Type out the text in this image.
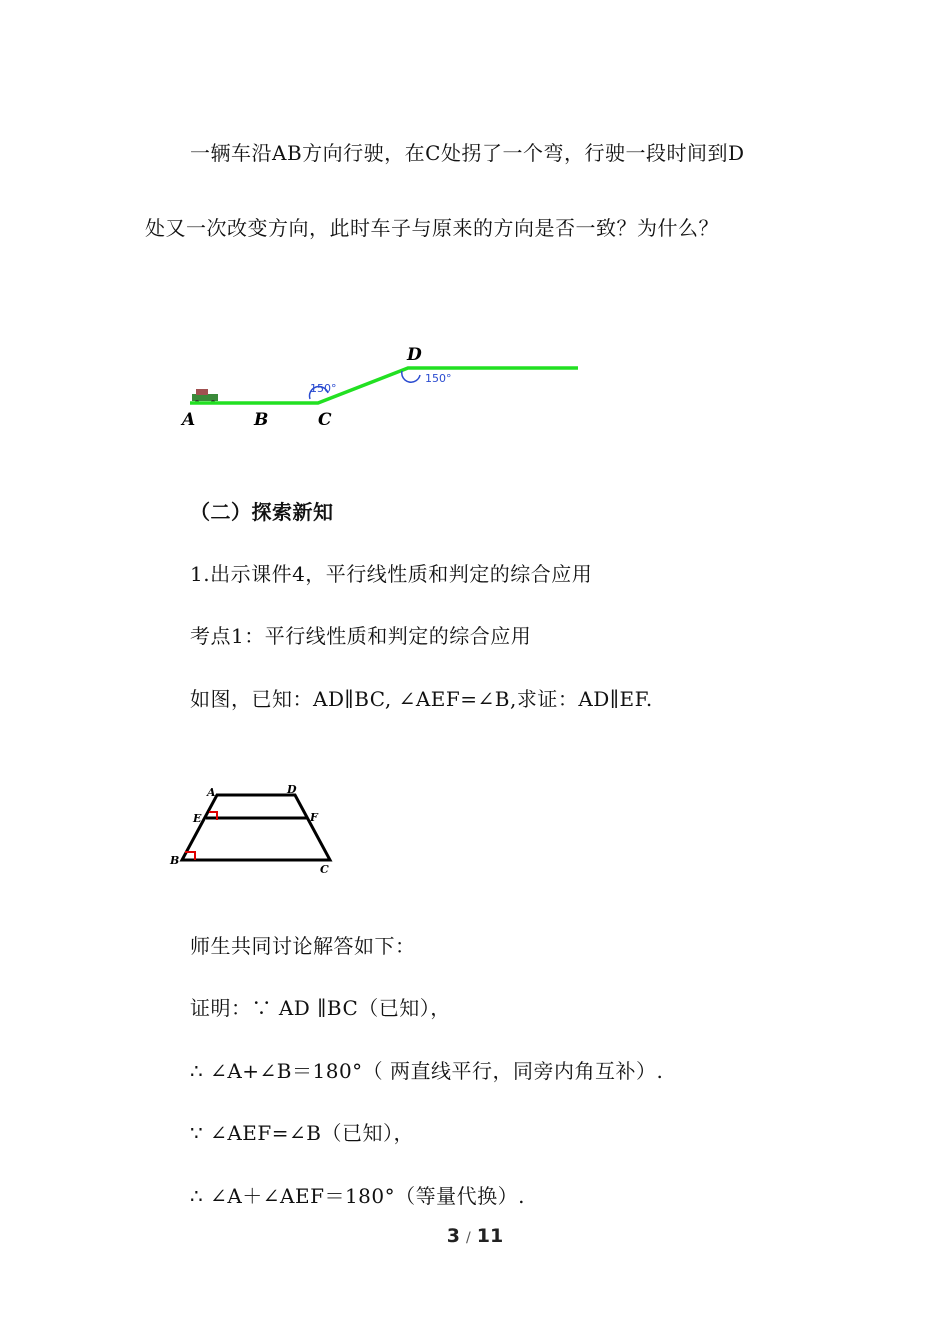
一辆车沿AB方向行驶，在C处拐了一个弯，行驶一段时间到D
处又一次改变方向，此时车子与原来的方向是否一致？为什么？
150°
150°
A	B	C
D
（二）探索新知
1.出示课件4，平行线性质和判定的综合应用
考点1：平行线性质和判定的综合应用
如图，已知：AD∥BC, ∠AEF=∠B,求证：AD∥EF.
A	D
E	F
B
C
师生共同讨论解答如下：
证明：∵ AD ∥BC（已知），
∴ ∠A+∠B＝180°（ 两直线平行，同旁内角互补）.
∵ ∠AEF=∠B（已知），
∴ ∠A＋∠AEF＝180°（等量代换）.
3 / 11
